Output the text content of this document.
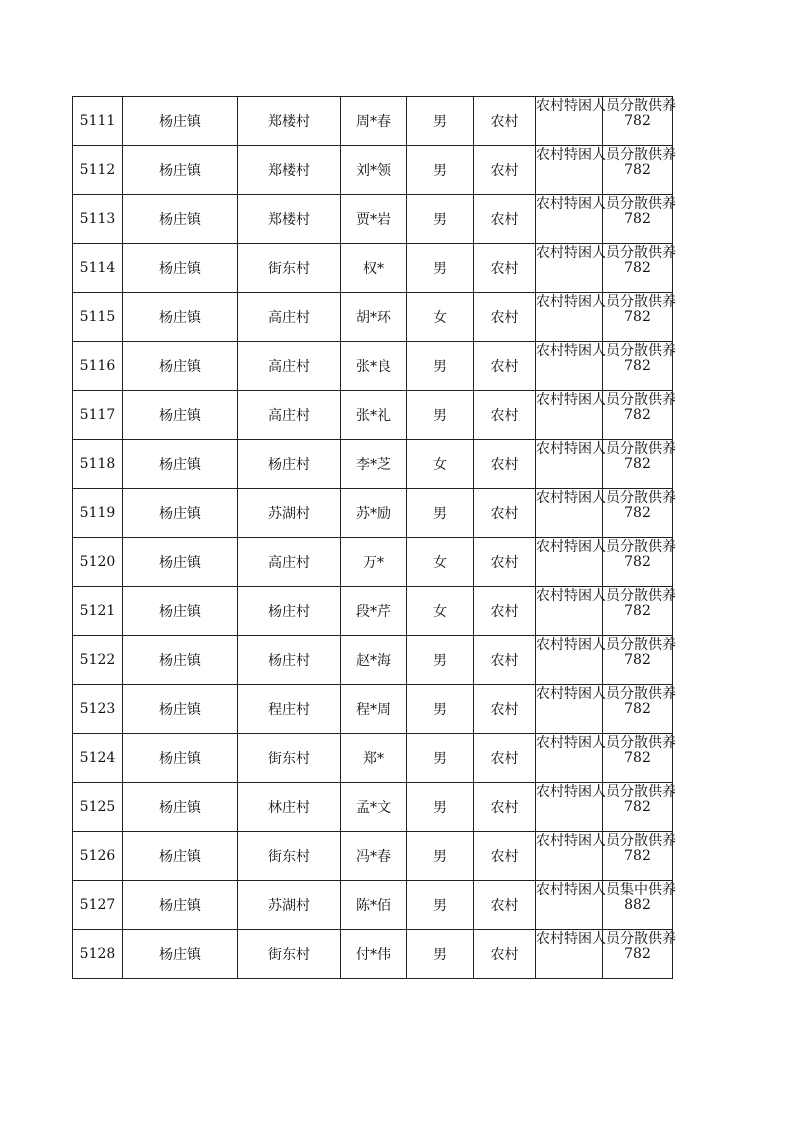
5111	杨庄镇	郑楼村	周*春	男	农村	农村特困人员分散供养	782
5112	杨庄镇	郑楼村	刘*领	男	农村	农村特困人员分散供养	782
5113	杨庄镇	郑楼村	贾*岩	男	农村	农村特困人员分散供养	782
5114	杨庄镇	街东村	权*	男	农村	农村特困人员分散供养	782
5115	杨庄镇	高庄村	胡*环	女	农村	农村特困人员分散供养	782
5116	杨庄镇	高庄村	张*良	男	农村	农村特困人员分散供养	782
5117	杨庄镇	高庄村	张*礼	男	农村	农村特困人员分散供养	782
5118	杨庄镇	杨庄村	李*芝	女	农村	农村特困人员分散供养	782
5119	杨庄镇	苏湖村	苏*励	男	农村	农村特困人员分散供养	782
5120	杨庄镇	高庄村	万*	女	农村	农村特困人员分散供养	782
5121	杨庄镇	杨庄村	段*芹	女	农村	农村特困人员分散供养	782
5122	杨庄镇	杨庄村	赵*海	男	农村	农村特困人员分散供养	782
5123	杨庄镇	程庄村	程*周	男	农村	农村特困人员分散供养	782
5124	杨庄镇	街东村	郑*	男	农村	农村特困人员分散供养	782
5125	杨庄镇	林庄村	孟*文	男	农村	农村特困人员分散供养	782
5126	杨庄镇	街东村	冯*春	男	农村	农村特困人员分散供养	782
5127	杨庄镇	苏湖村	陈*佰	男	农村	农村特困人员集中供养	882
5128	杨庄镇	街东村	付*伟	男	农村	农村特困人员分散供养	782
